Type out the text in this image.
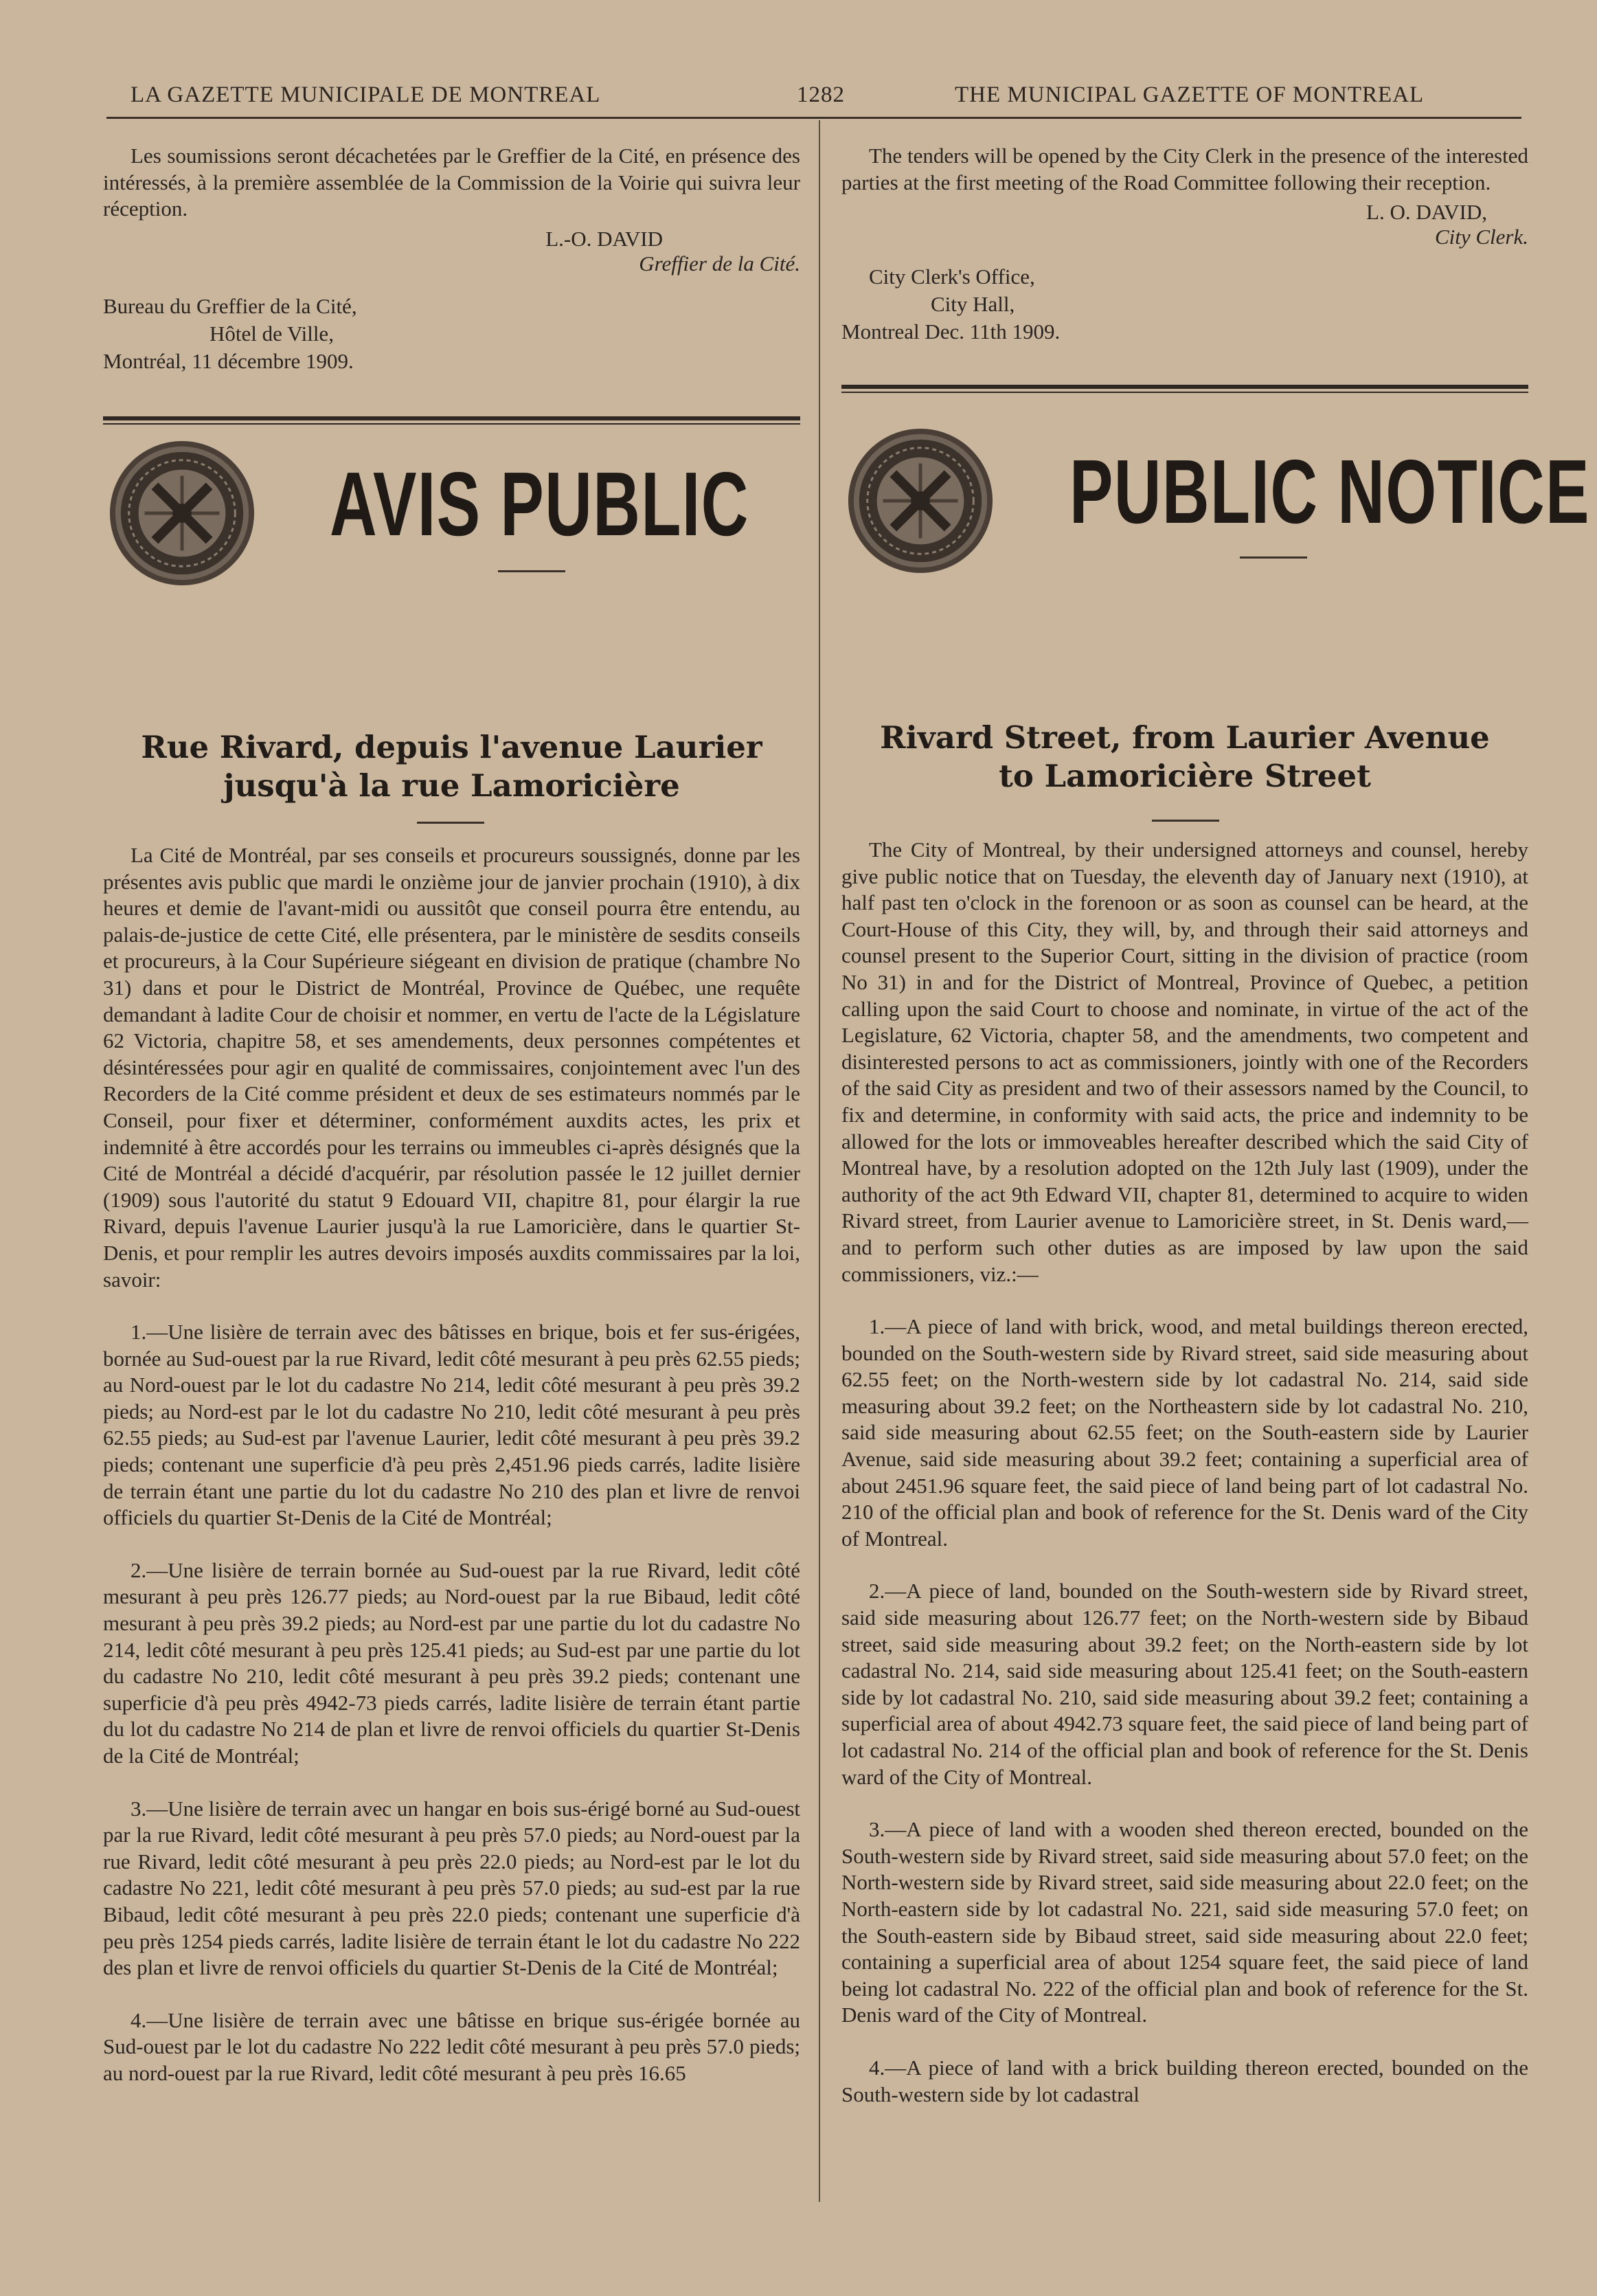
LA GAZETTE MUNICIPALE DE MONTREAL	1282	THE MUNICIPAL GAZETTE OF MONTREAL

Les soumissions seront décachetées par le Greffier de la Cité, en présence des intéressés, à la première assemblée de la Commission de la Voirie qui suivra leur réception.

L.-O. DAVID

Greffier de la Cité.

Bureau du Greffier de la Cité,

Hôtel de Ville,

Montréal, 11 décembre 1909.

AVIS PUBLIC

Rue Rivard, depuis l'avenue Laurier
jusqu'à la rue Lamoricière

La Cité de Montréal, par ses conseils et procureurs soussignés, donne par les présentes avis public que mardi le onzième jour de janvier prochain (1910), à dix heures et demie de l'avant-midi ou aussitôt que conseil pourra être entendu, au palais-de-justice de cette Cité, elle présentera, par le ministère de sesdits conseils et procureurs, à la Cour Supérieure siégeant en division de pratique (chambre No 31) dans et pour le District de Montréal, Province de Québec, une requête demandant à ladite Cour de choisir et nommer, en vertu de l'acte de la Législature 62 Victoria, chapitre 58, et ses amendements, deux personnes compétentes et désintéressées pour agir en qualité de commissaires, conjointement avec l'un des Recorders de la Cité comme président et deux de ses estimateurs nommés par le Conseil, pour fixer et déterminer, conformément auxdits actes, les prix et indemnité à être accordés pour les terrains ou immeubles ci-après désignés que la Cité de Montréal a décidé d'acquérir, par résolution passée le 12 juillet dernier (1909) sous l'autorité du statut 9 Edouard VII, chapitre 81, pour élargir la rue Rivard, depuis l'avenue Laurier jusqu'à la rue Lamoricière, dans le quartier St-Denis, et pour remplir les autres devoirs imposés auxdits commissaires par la loi, savoir:

1.—Une lisière de terrain avec des bâtisses en brique, bois et fer sus-érigées, bornée au Sud-ouest par la rue Rivard, ledit côté mesurant à peu près 62.55 pieds; au Nord-ouest par le lot du cadastre No 214, ledit côté mesurant à peu près 39.2 pieds; au Nord-est par le lot du cadastre No 210, ledit côté mesurant à peu près 62.55 pieds; au Sud-est par l'avenue Laurier, ledit côté mesurant à peu près 39.2 pieds; contenant une superficie d'à peu près 2,451.96 pieds carrés, ladite lisière de terrain étant une partie du lot du cadastre No 210 des plan et livre de renvoi officiels du quartier St-Denis de la Cité de Montréal;

2.—Une lisière de terrain bornée au Sud-ouest par la rue Rivard, ledit côté mesurant à peu près 126.77 pieds; au Nord-ouest par la rue Bibaud, ledit côté mesurant à peu près 39.2 pieds; au Nord-est par une partie du lot du cadastre No 214, ledit côté mesurant à peu près 125.41 pieds; au Sud-est par une partie du lot du cadastre No 210, ledit côté mesurant à peu près 39.2 pieds; contenant une superficie d'à peu près 4942-73 pieds carrés, ladite lisière de terrain étant partie du lot du cadastre No 214 de plan et livre de renvoi officiels du quartier St-Denis de la Cité de Montréal;

3.—Une lisière de terrain avec un hangar en bois sus-érigé borné au Sud-ouest par la rue Rivard, ledit côté mesurant à peu près 57.0 pieds; au Nord-ouest par la rue Rivard, ledit côté mesurant à peu près 22.0 pieds; au Nord-est par le lot du cadastre No 221, ledit côté mesurant à peu près 57.0 pieds; au sud-est par la rue Bibaud, ledit côté mesurant à peu près 22.0 pieds; contenant une superficie d'à peu près 1254 pieds carrés, ladite lisière de terrain étant le lot du cadastre No 222 des plan et livre de renvoi officiels du quartier St-Denis de la Cité de Montréal;

4.—Une lisière de terrain avec une bâtisse en brique sus-érigée bornée au Sud-ouest par le lot du cadastre No 222 ledit côté mesurant à peu près 57.0 pieds; au nord-ouest par la rue Rivard, ledit côté mesurant à peu près 16.65

The tenders will be opened by the City Clerk in the presence of the interested parties at the first meeting of the Road Committee following their reception.

L. O. DAVID,

City Clerk.

City Clerk's Office,

City Hall,

Montreal Dec. 11th 1909.

PUBLIC NOTICE

Rivard Street, from Laurier Avenue
to Lamoricière Street

The City of Montreal, by their undersigned attorneys and counsel, hereby give public notice that on Tuesday, the eleventh day of January next (1910), at half past ten o'clock in the forenoon or as soon as counsel can be heard, at the Court-House of this City, they will, by, and through their said attorneys and counsel present to the Superior Court, sitting in the division of practice (room No 31) in and for the District of Montreal, Province of Quebec, a petition calling upon the said Court to choose and nominate, in virtue of the act of the Legislature, 62 Victoria, chapter 58, and the amendments, two competent and disinterested persons to act as commissioners, jointly with one of the Recorders of the said City as president and two of their assessors named by the Council, to fix and determine, in conformity with said acts, the price and indemnity to be allowed for the lots or immoveables hereafter described which the said City of Montreal have, by a resolution adopted on the 12th July last (1909), under the authority of the act 9th Edward VII, chapter 81, determined to acquire to widen Rivard street, from Laurier avenue to Lamoricière street, in St. Denis ward,—and to perform such other duties as are imposed by law upon the said commissioners, viz.:—

1.—A piece of land with brick, wood, and metal buildings thereon erected, bounded on the South-western side by Rivard street, said side measuring about 62.55 feet; on the North-western side by lot cadastral No. 214, said side measuring about 39.2 feet; on the Northeastern side by lot cadastral No. 210, said side measuring about 62.55 feet; on the South-eastern side by Laurier Avenue, said side measuring about 39.2 feet; containing a superficial area of about 2451.96 square feet, the said piece of land being part of lot cadastral No. 210 of the official plan and book of reference for the St. Denis ward of the City of Montreal.

2.—A piece of land, bounded on the South-western side by Rivard street, said side measuring about 126.77 feet; on the North-western side by Bibaud street, said side measuring about 39.2 feet; on the North-eastern side by lot cadastral No. 214, said side measuring about 125.41 feet; on the South-eastern side by lot cadastral No. 210, said side measuring about 39.2 feet; containing a superficial area of about 4942.73 square feet, the said piece of land being part of lot cadastral No. 214 of the official plan and book of reference for the St. Denis ward of the City of Montreal.

3.—A piece of land with a wooden shed thereon erected, bounded on the South-western side by Rivard street, said side measuring about 57.0 feet; on the North-western side by Rivard street, said side measuring about 22.0 feet; on the North-eastern side by lot cadastral No. 221, said side measuring 57.0 feet; on the South-eastern side by Bibaud street, said side measuring about 22.0 feet; containing a superficial area of about 1254 square feet, the said piece of land being lot cadastral No. 222 of the official plan and book of reference for the St. Denis ward of the City of Montreal.

4.—A piece of land with a brick building thereon erected, bounded on the South-western side by lot cadastral
